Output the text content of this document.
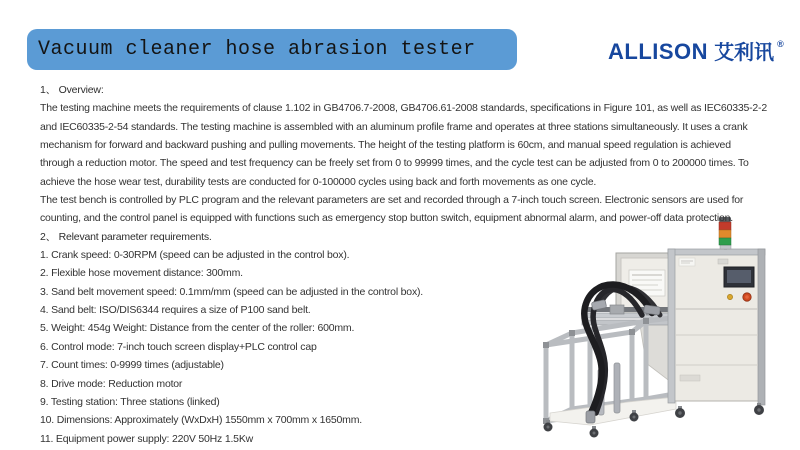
Vacuum cleaner hose abrasion tester	ALLISON 艾利讯 ®
1、 Overview:
The testing machine meets the requirements of clause 1.102 in GB4706.7-2008, GB4706.61-2008 standards, specifications in Figure 101, as well as IEC60335-2-2
and IEC60335-2-54 standards. The testing machine is assembled with an aluminum profile frame and operates at three stations simultaneously. It uses a crank
mechanism for forward and backward pushing and pulling movements. The height of the testing platform is 60cm, and manual speed regulation is achieved
through a reduction motor. The speed and test frequency can be freely set from 0 to 99999 times, and the cycle test can be adjusted from 0 to 200000 times. To
achieve the hose wear test, durability tests are conducted for 0-100000 cycles using back and forth movements as one cycle.
The test bench is controlled by PLC program and the relevant parameters are set and recorded through a 7-inch touch screen. Electronic sensors are used for
counting, and the control panel is equipped with functions such as emergency stop button switch, equipment abnormal alarm, and power-off data protection.
2、 Relevant parameter requirements.
1. Crank speed: 0-30RPM (speed can be adjusted in the control box).
2. Flexible hose movement distance: 300mm.
3. Sand belt movement speed: 0.1mm/mm (speed can be adjusted in the control box).
4. Sand belt: ISO/DIS6344 requires a size of P100 sand belt.
5. Weight: 454g Weight: Distance from the center of the roller: 600mm.
6. Control mode: 7-inch touch screen display+PLC control cap
7. Count times: 0-9999 times (adjustable)
8. Drive mode: Reduction motor
9. Testing station: Three stations (linked)
10. Dimensions: Approximately (WxDxH) 1550mm x 700mm x 1650mm.
11. Equipment power supply: 220V 50Hz 1.5Kw
